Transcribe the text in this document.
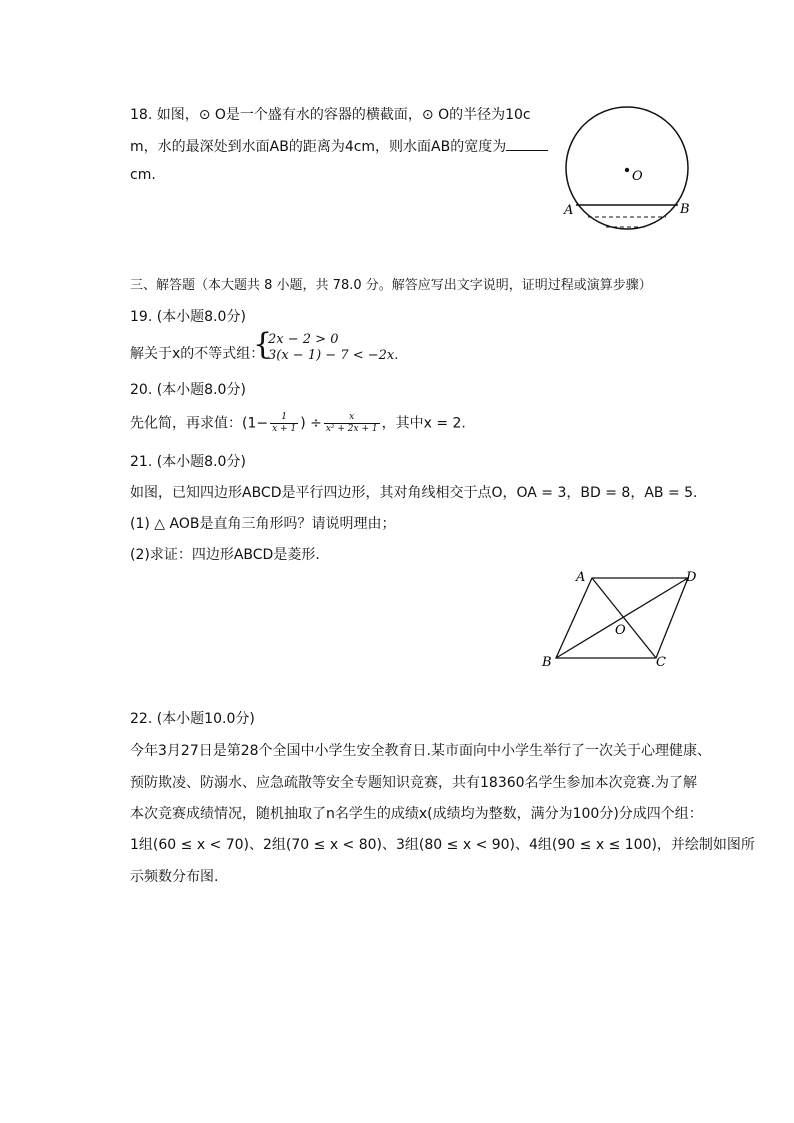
18. 如图，⊙ O是一个盛有水的容器的横截面，⊙ O的半径为10c
m，水的最深处到水面AB的距离为4cm，则水面AB的宽度为
cm.	O
A	B
三、解答题（本大题共 8 小题，共 78.0 分。解答应写出文字说明，证明过程或演算步骤）
19. (本小题8.0分)
解关于x的不等式组：
{
2x − 2 > 0
3(x − 1) − 7 < −2x.
20. (本小题8.0分)
先化简，再求值：($1- \frac{1}{x + 1}$ ) ÷ $\frac{x}{\text{x² + 2x + 1}}$ ，其中x = 2.
21. (本小题8.0分)
如图，已知四边形ABCD是平行四边形，其对角线相交于点O，OA = 3，BD = 8，AB = 5.
(1) △ AOB是直角三角形吗？请说明理由；
(2)求证：四边形ABCD是菱形.
A	D
O
B	C
22. (本小题10.0分)
今年3月27日是第28个全国中小学生安全教育日.某市面向中小学生举行了一次关于心理健康、
预防欺凌、防溺水、应急疏散等安全专题知识竞赛，共有18360名学生参加本次竞赛.为了解
本次竞赛成绩情况，随机抽取了n名学生的成绩x(成绩均为整数，满分为100分)分成四个组：
1组(60 ≤ x < 70)、2组(70 ≤ x < 80)、3组(80 ≤ x < 90)、4组(90 ≤ x ≤ 100)，并绘制如图所
示频数分布图.
